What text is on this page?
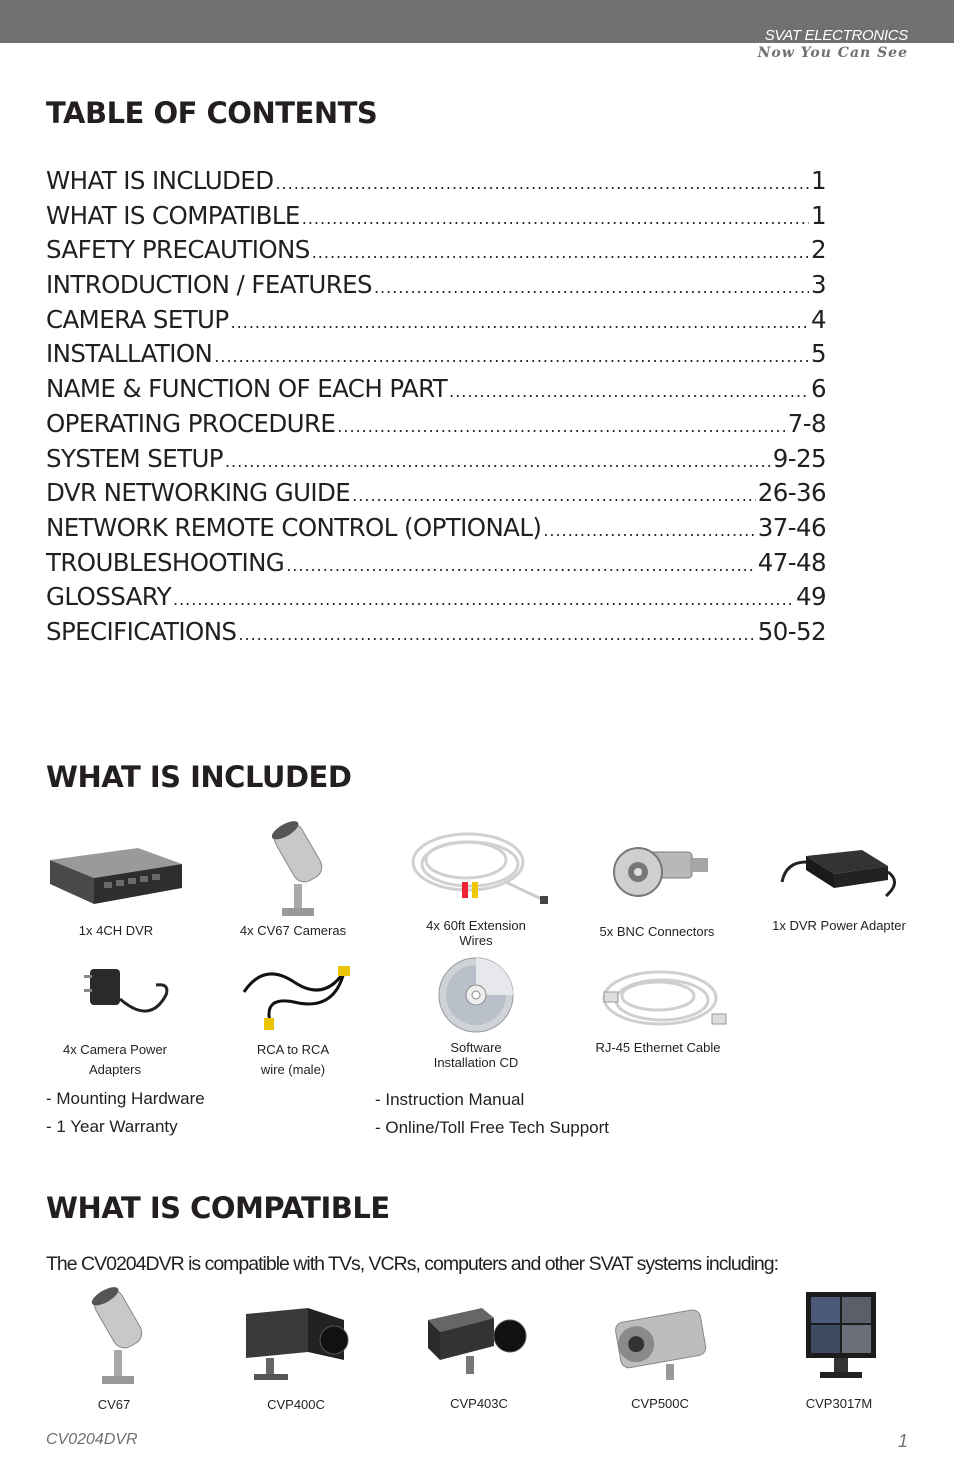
SVAT ELECTRONICS
Now You Can See
TABLE OF CONTENTS
WHAT IS INCLUDED .....	1
WHAT IS COMPATIBLE .....	1
SAFETY PRECAUTIONS .....	2
INTRODUCTION / FEATURES .....	3
CAMERA SETUP .....	4
INSTALLATION .....	5
NAME & FUNCTION OF EACH PART .....	6
OPERATING PROCEDURE .....	7-8
SYSTEM SETUP .....	9-25
DVR NETWORKING GUIDE .....	26-36
NETWORK REMOTE CONTROL (OPTIONAL) .....	37-46
TROUBLESHOOTING .....	47-48
GLOSSARY .....	49
SPECIFICATIONS .....	50-52
WHAT IS INCLUDED
1x 4CH DVR	4x CV67 Cameras	4x 60ft Extension
Wires
5x BNC Connectors	1x DVR Power Adapter
4x Camera Power
Adapters
RCA to RCA
wire (male)
Software
Installation CD
RJ-45 Ethernet Cable
- Mounting Hardware
- 1 Year Warranty
- Instruction Manual
- Online/Toll Free Tech Support
WHAT IS COMPATIBLE
The CV0204DVR is compatible with TVs, VCRs, computers and other SVAT systems including:
CV67	CVP400C	CVP403C	CVP500C	CVP3017M
CV0204DVR	1
